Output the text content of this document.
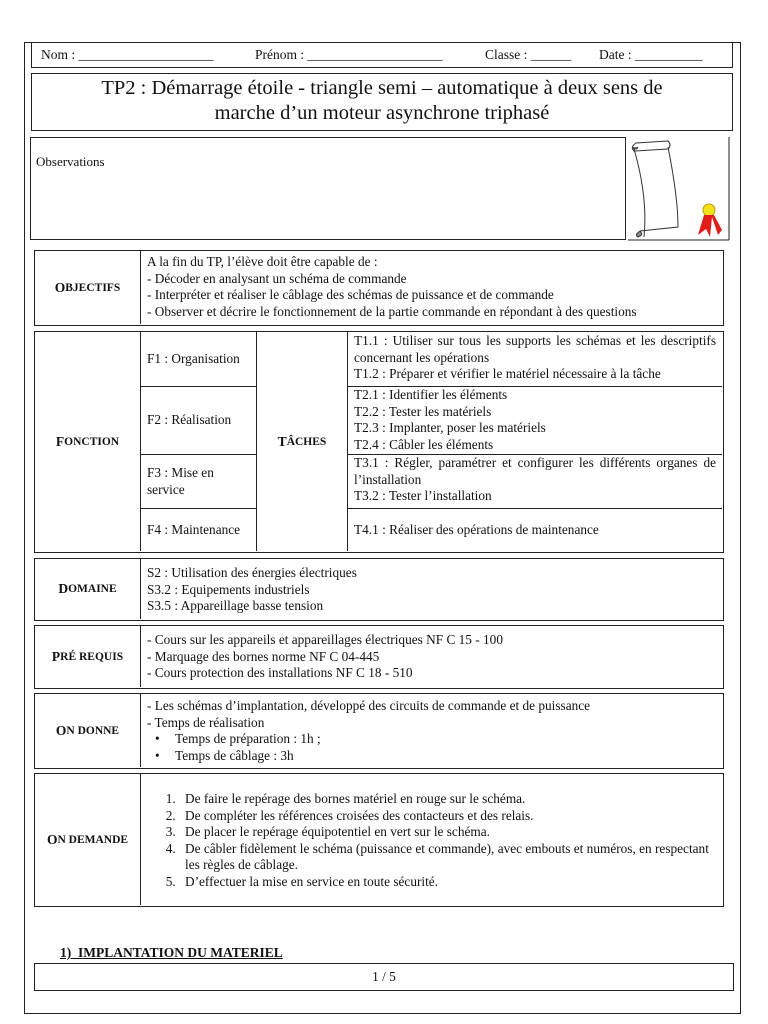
Nom : ____________________	Prénom : ____________________	Classe : ______ Date : __________
TP2 : Démarrage étoile - triangle semi – automatique à deux sens de
marche d’un moteur asynchrone triphasé
Observations
O BJECTIFS
A la fin du TP, l’élève doit être capable de :
- Décoder en analysant un schéma de commande
- Interpréter et réaliser le câblage des schémas de puissance et de commande
- Observer et décrire le fonctionnement de la partie commande en répondant à des questions
F ONCTION
F1 : Organisation
F2 : Réalisation
F3 : Mise en service
F4 : Maintenance
T ÂCHES
T1.1 : Utiliser sur tous les supports les schémas et les descriptifs concernant les opérations
T1.2 : Préparer et vérifier le matériel nécessaire à la tâche
T2.1 : Identifier les éléments
T2.2 : Tester les matériels
T2.3 : Implanter, poser les matériels
T2.4 : Câbler les éléments
T3.1 : Régler, paramétrer et configurer les différents organes de l’installation
T3.2 : Tester l’installation
T4.1 : Réaliser des opérations de maintenance
D OMAINE
S2 : Utilisation des énergies électriques
S3.2 : Equipements industriels
S3.5 : Appareillage basse tension
P RÉ REQUIS
- Cours sur les appareils et appareillages électriques NF C 15 - 100
- Marquage des bornes norme NF C 04-445
- Cours protection des installations NF C 18 - 510
O N DONNE
- Les schémas d’implantation, développé des circuits de commande et de puissance
- Temps de réalisation
• Temps de préparation : 1h ;
• Temps de câblage : 3h
O N DEMANDE
1. De faire le repérage des bornes matériel en rouge sur le schéma.
2. De compléter les références croisées des contacteurs et des relais.
3. De placer le repérage équipotentiel en vert sur le schéma.
4. De câbler fidèlement le schéma (puissance et commande), avec embouts et numéros, en respectant les règles de câblage.
5. D’effectuer la mise en service en toute sécurité.
1)  IMPLANTATION DU MATERIEL
1 / 5
